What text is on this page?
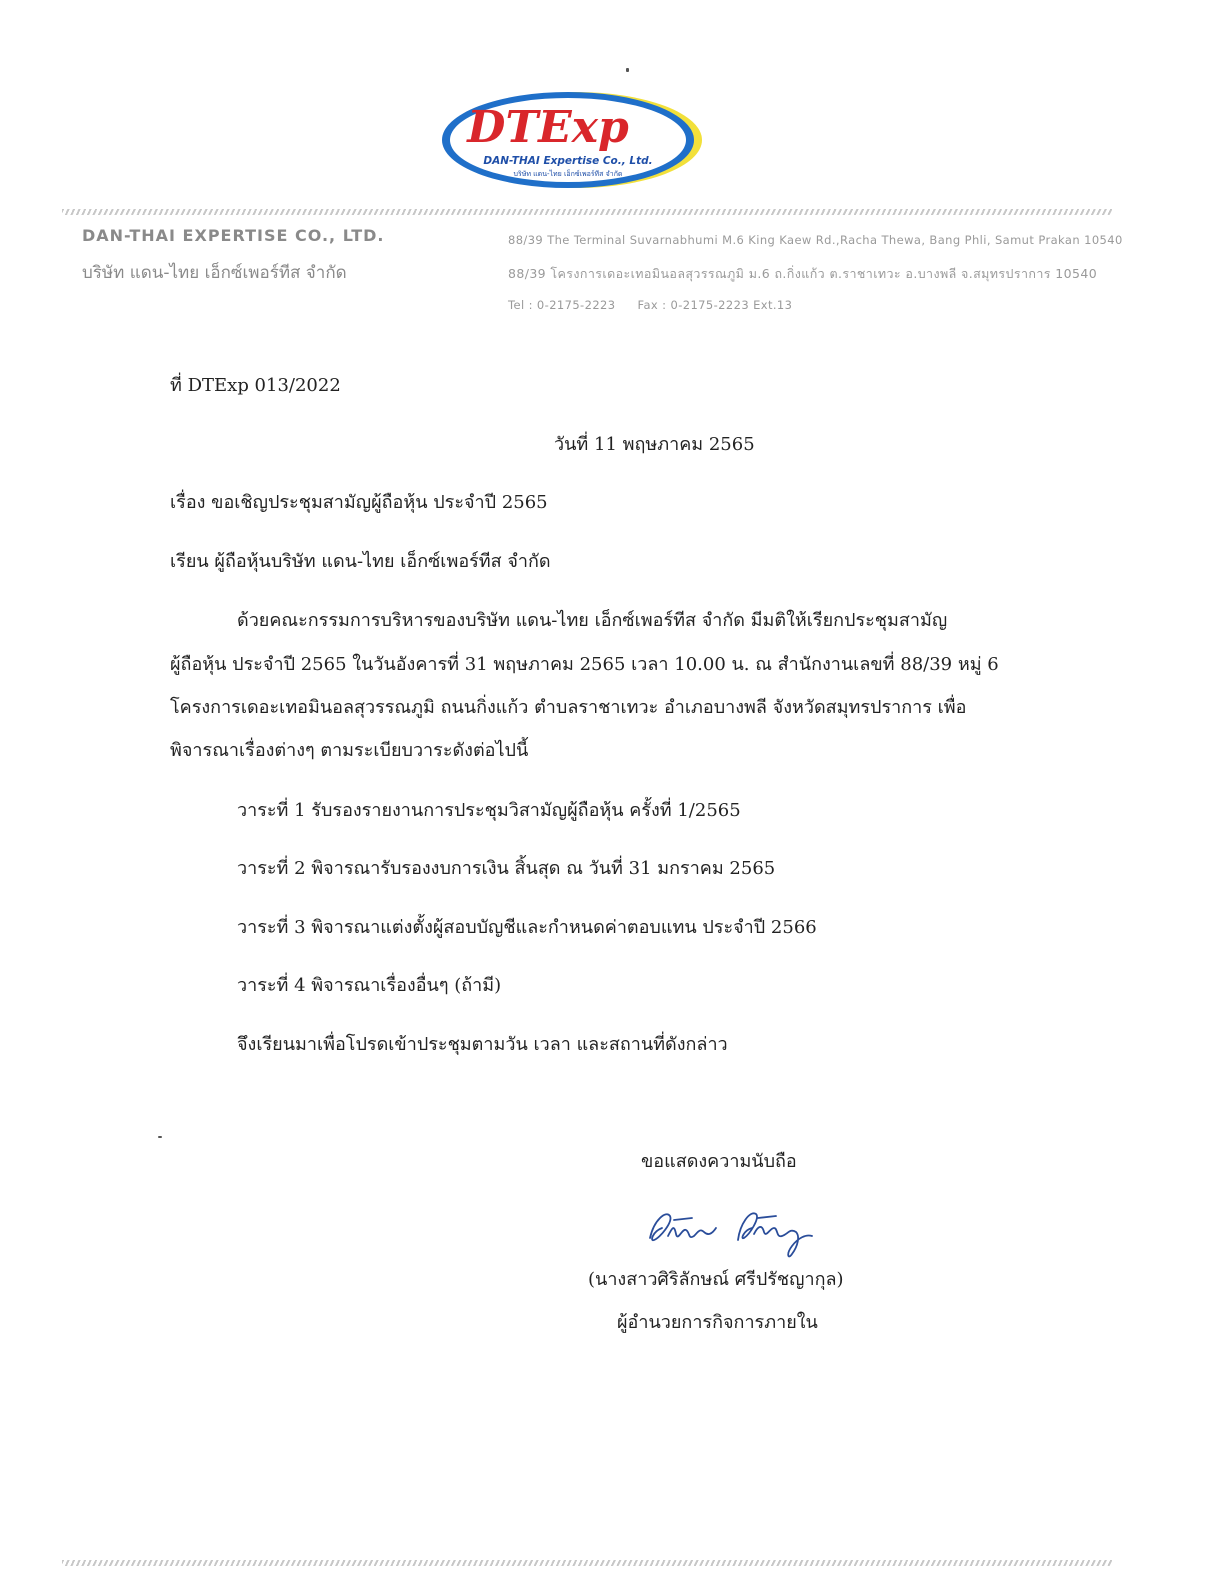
DTExp
DAN-THAI Expertise Co., Ltd.
บริษัท แดน-ไทย เอ็กซ์เพอร์ทีส จำกัด
DAN-THAI EXPERTISE CO., LTD.
บริษัท แดน-ไทย เอ็กซ์เพอร์ทีส จำกัด
88/39 The Terminal Suvarnabhumi M.6 King Kaew Rd.,Racha Thewa, Bang Phli, Samut Prakan 10540
88/39 โครงการเดอะเทอมินอลสุวรรณภูมิ ม.6 ถ.กิ่งแก้ว ต.ราชาเทวะ อ.บางพลี จ.สมุทรปราการ 10540
Tel : 0-2175-2223 Fax : 0-2175-2223 Ext.13
ที่ DTExp 013/2022
วันที่ 11 พฤษภาคม 2565
เรื่อง ขอเชิญประชุมสามัญผู้ถือหุ้น ประจำปี 2565
เรียน ผู้ถือหุ้นบริษัท แดน-ไทย เอ็กซ์เพอร์ทีส จำกัด
ด้วยคณะกรรมการบริหารของบริษัท แดน-ไทย เอ็กซ์เพอร์ทีส จำกัด มีมติให้เรียกประชุมสามัญ
ผู้ถือหุ้น ประจำปี 2565 ในวันอังคารที่ 31 พฤษภาคม 2565 เวลา 10.00 น. ณ สำนักงานเลขที่ 88/39 หมู่ 6
โครงการเดอะเทอมินอลสุวรรณภูมิ ถนนกิ่งแก้ว ตำบลราชาเทวะ อำเภอบางพลี จังหวัดสมุทรปราการ เพื่อ
พิจารณาเรื่องต่างๆ ตามระเบียบวาระดังต่อไปนี้
วาระที่ 1 รับรองรายงานการประชุมวิสามัญผู้ถือหุ้น ครั้งที่ 1/2565
วาระที่ 2 พิจารณารับรองงบการเงิน สิ้นสุด ณ วันที่ 31 มกราคม 2565
วาระที่ 3 พิจารณาแต่งตั้งผู้สอบบัญชีและกำหนดค่าตอบแทน ประจำปี 2566
วาระที่ 4 พิจารณาเรื่องอื่นๆ (ถ้ามี)
จึงเรียนมาเพื่อโปรดเข้าประชุมตามวัน เวลา และสถานที่ดังกล่าว
ขอแสดงความนับถือ
(นางสาวศิริลักษณ์ ศรีปรัชญากุล)
ผู้อำนวยการกิจการภายใน
